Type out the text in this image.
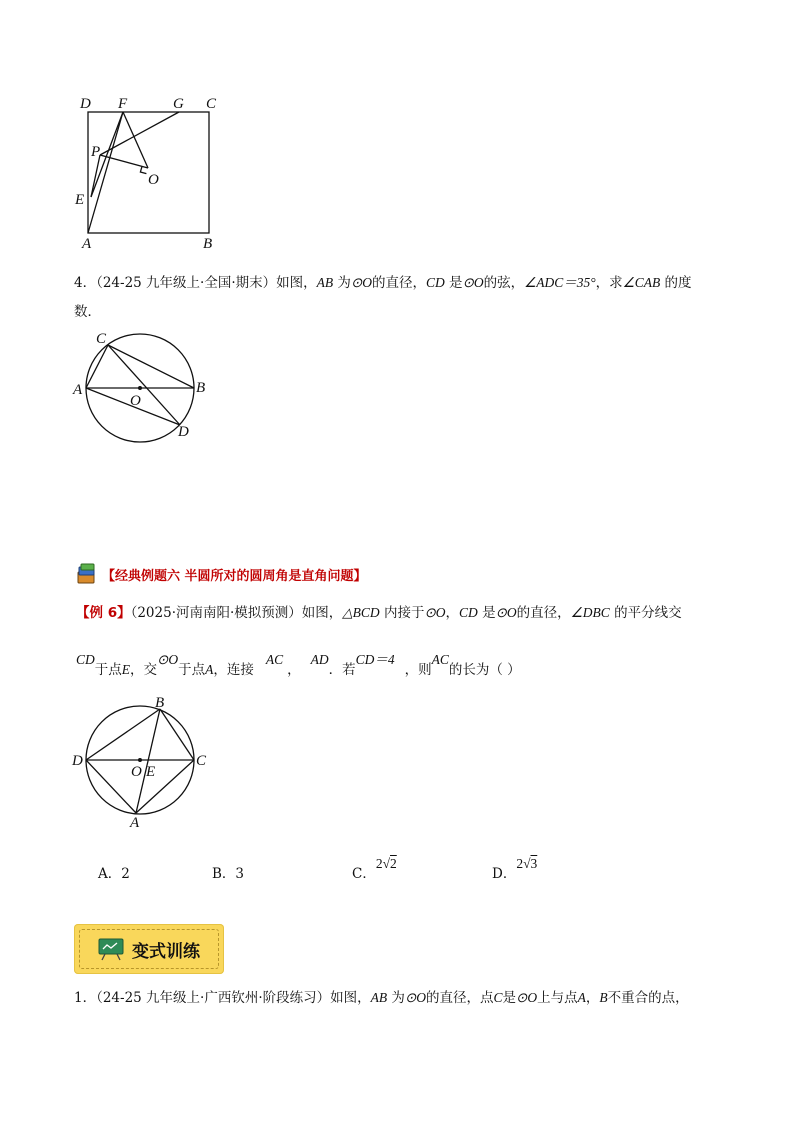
D F	G C
P
O
E
A	B
4．（24-25 九年级上·全国·期末）如图，AB 为⊙O的直径，CD 是⊙O的弦，∠ADC＝35°，求∠CAB 的度
数．
C
A	B
O
D
【经典例题六 半圆所对的圆周角是直角问题】
【例 6】（2025·河南南阳·模拟预测）如图，△BCD 内接于⊙O，CD 是⊙O的直径，∠DBC 的平分线交
CD于点E，交⊙O于点A，连接AC，AD．若CD＝4，则AC的长为（ ）
B
D
O E
C
A
A．2	B．3	C．2√2
D．2√3
变式训练
1．（24-25 九年级上·广西钦州·阶段练习）如图，AB 为⊙O的直径，点C是⊙O上与点A，B不重合的点，
